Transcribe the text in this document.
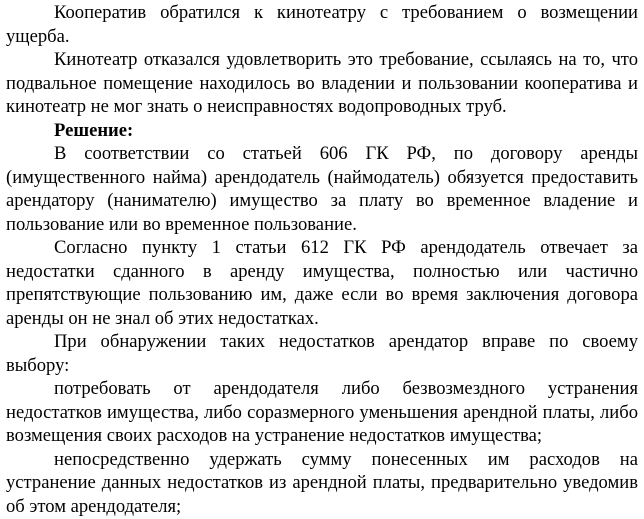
Кооператив обратился к кинотеатру с требованием о возмещении ущерба.

Кинотеатр отказался удовлетворить это требование, ссылаясь на то, что подвальное помещение находилось во владении и пользовании кооператива и кинотеатр не мог знать о неисправностях водопроводных труб.

Решение:

В соответствии со статьей 606 ГК РФ, по договору аренды (имущественного найма) арендодатель (наймодатель) обязуется предоставить арендатору (нанимателю) имущество за плату во временное владение и пользование или во временное пользование.

Согласно пункту 1 статьи 612 ГК РФ арендодатель отвечает за недостатки сданного в аренду имущества, полностью или частично препятствующие пользованию им, даже если во время заключения договора аренды он не знал об этих недостатках.

При обнаружении таких недостатков арендатор вправе по своему выбору:

потребовать от арендодателя либо безвозмездного устранения недостатков имущества, либо соразмерного уменьшения арендной платы, либо возмещения своих расходов на устранение недостатков имущества;

непосредственно удержать сумму понесенных им расходов на устранение данных недостатков из арендной платы, предварительно уведомив об этом арендодателя;
